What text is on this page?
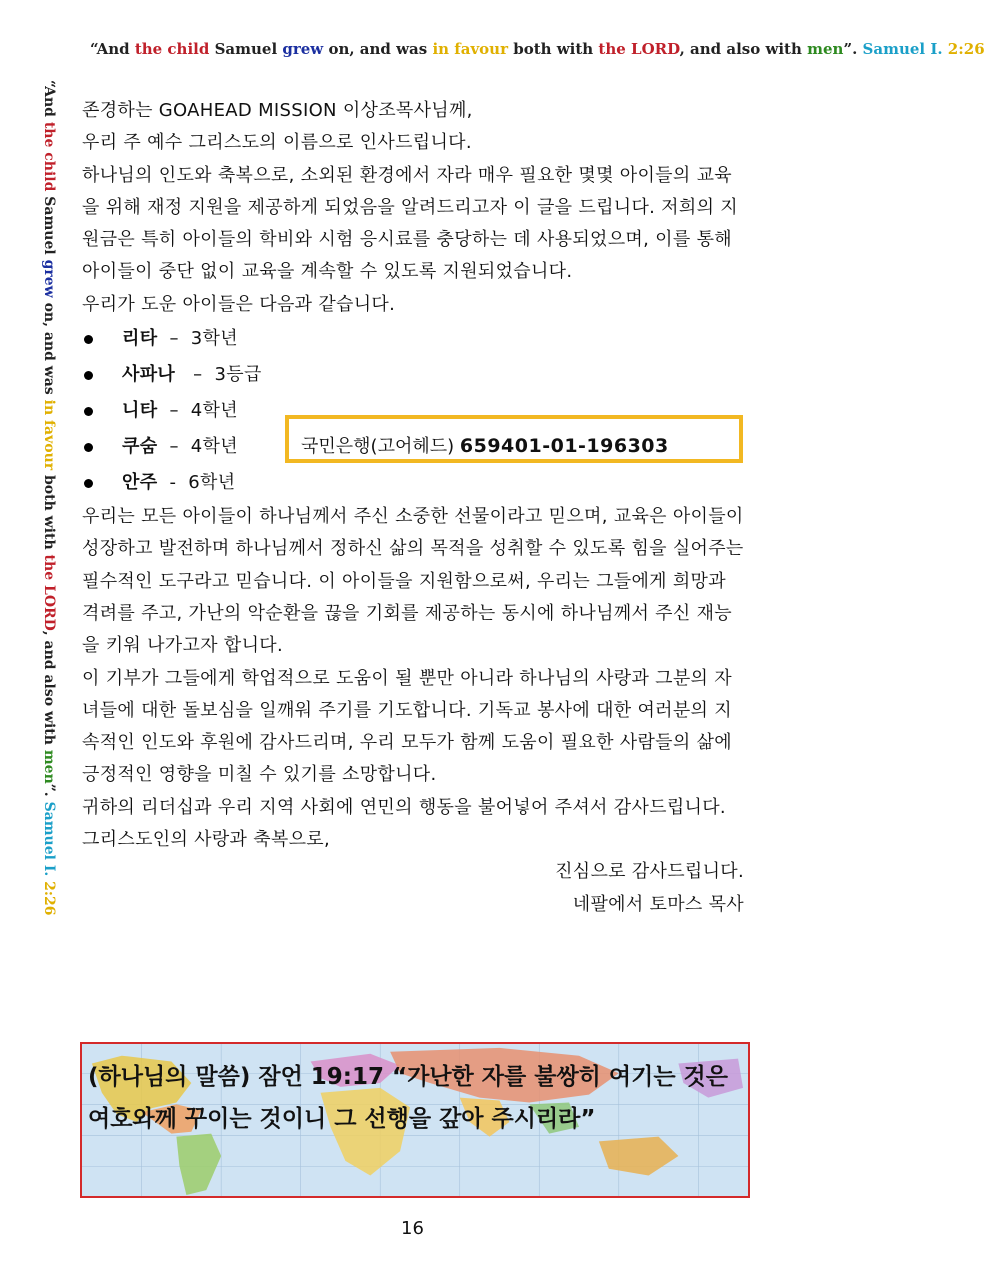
“And the child Samuel grew on, and was in favour both with the LORD, and also with men”. Samuel I. 2:26
“And the child Samuel grew on, and was in favour both with the LORD, and also with men”. Samuel I. 2:26

존경하는 GOAHEAD MISSION 이상조목사님께,

우리 주 예수 그리스도의 이름으로 인사드립니다.

하나님의 인도와 축복으로, 소외된 환경에서 자라 매우 필요한 몇몇 아이들의 교육을 위해 재정 지원을 제공하게 되었음을 알려드리고자 이 글을 드립니다. 저희의 지원금은 특히 아이들의 학비와 시험 응시료를 충당하는 데 사용되었으며, 이를 통해 아이들이 중단 없이 교육을 계속할 수 있도록 지원되었습니다.

우리가 도운 아이들은 다음과 같습니다.

리타 – 3학년
사파나 – 3등급
니타 – 4학년
쿠숨 – 4학년
안주 - 6학년

우리는 모든 아이들이 하나님께서 주신 소중한 선물이라고 믿으며, 교육은 아이들이 성장하고 발전하며 하나님께서 정하신 삶의 목적을 성취할 수 있도록 힘을 실어주는 필수적인 도구라고 믿습니다. 이 아이들을 지원함으로써, 우리는 그들에게 희망과 격려를 주고, 가난의 악순환을 끊을 기회를 제공하는 동시에 하나님께서 주신 재능을 키워 나가고자 합니다.

이 기부가 그들에게 학업적으로 도움이 될 뿐만 아니라 하나님의 사랑과 그분의 자녀들에 대한 돌보심을 일깨워 주기를 기도합니다. 기독교 봉사에 대한 여러분의 지속적인 인도와 후원에 감사드리며, 우리 모두가 함께 도움이 필요한 사람들의 삶에 긍정적인 영향을 미칠 수 있기를 소망합니다.

귀하의 리더십과 우리 지역 사회에 연민의 행동을 불어넣어 주셔서 감사드립니다.

그리스도인의 사랑과 축복으로,

진심으로 감사드립니다.

네팔에서 토마스 목사

국민은행(고어헤드) 659401-01-196303
(하나님의 말씀) 잠언 19:17 “가난한 자를 불쌍히 여기는 것은 여호와께 꾸이는 것이니 그 선행을 갚아 주시리라”
16
